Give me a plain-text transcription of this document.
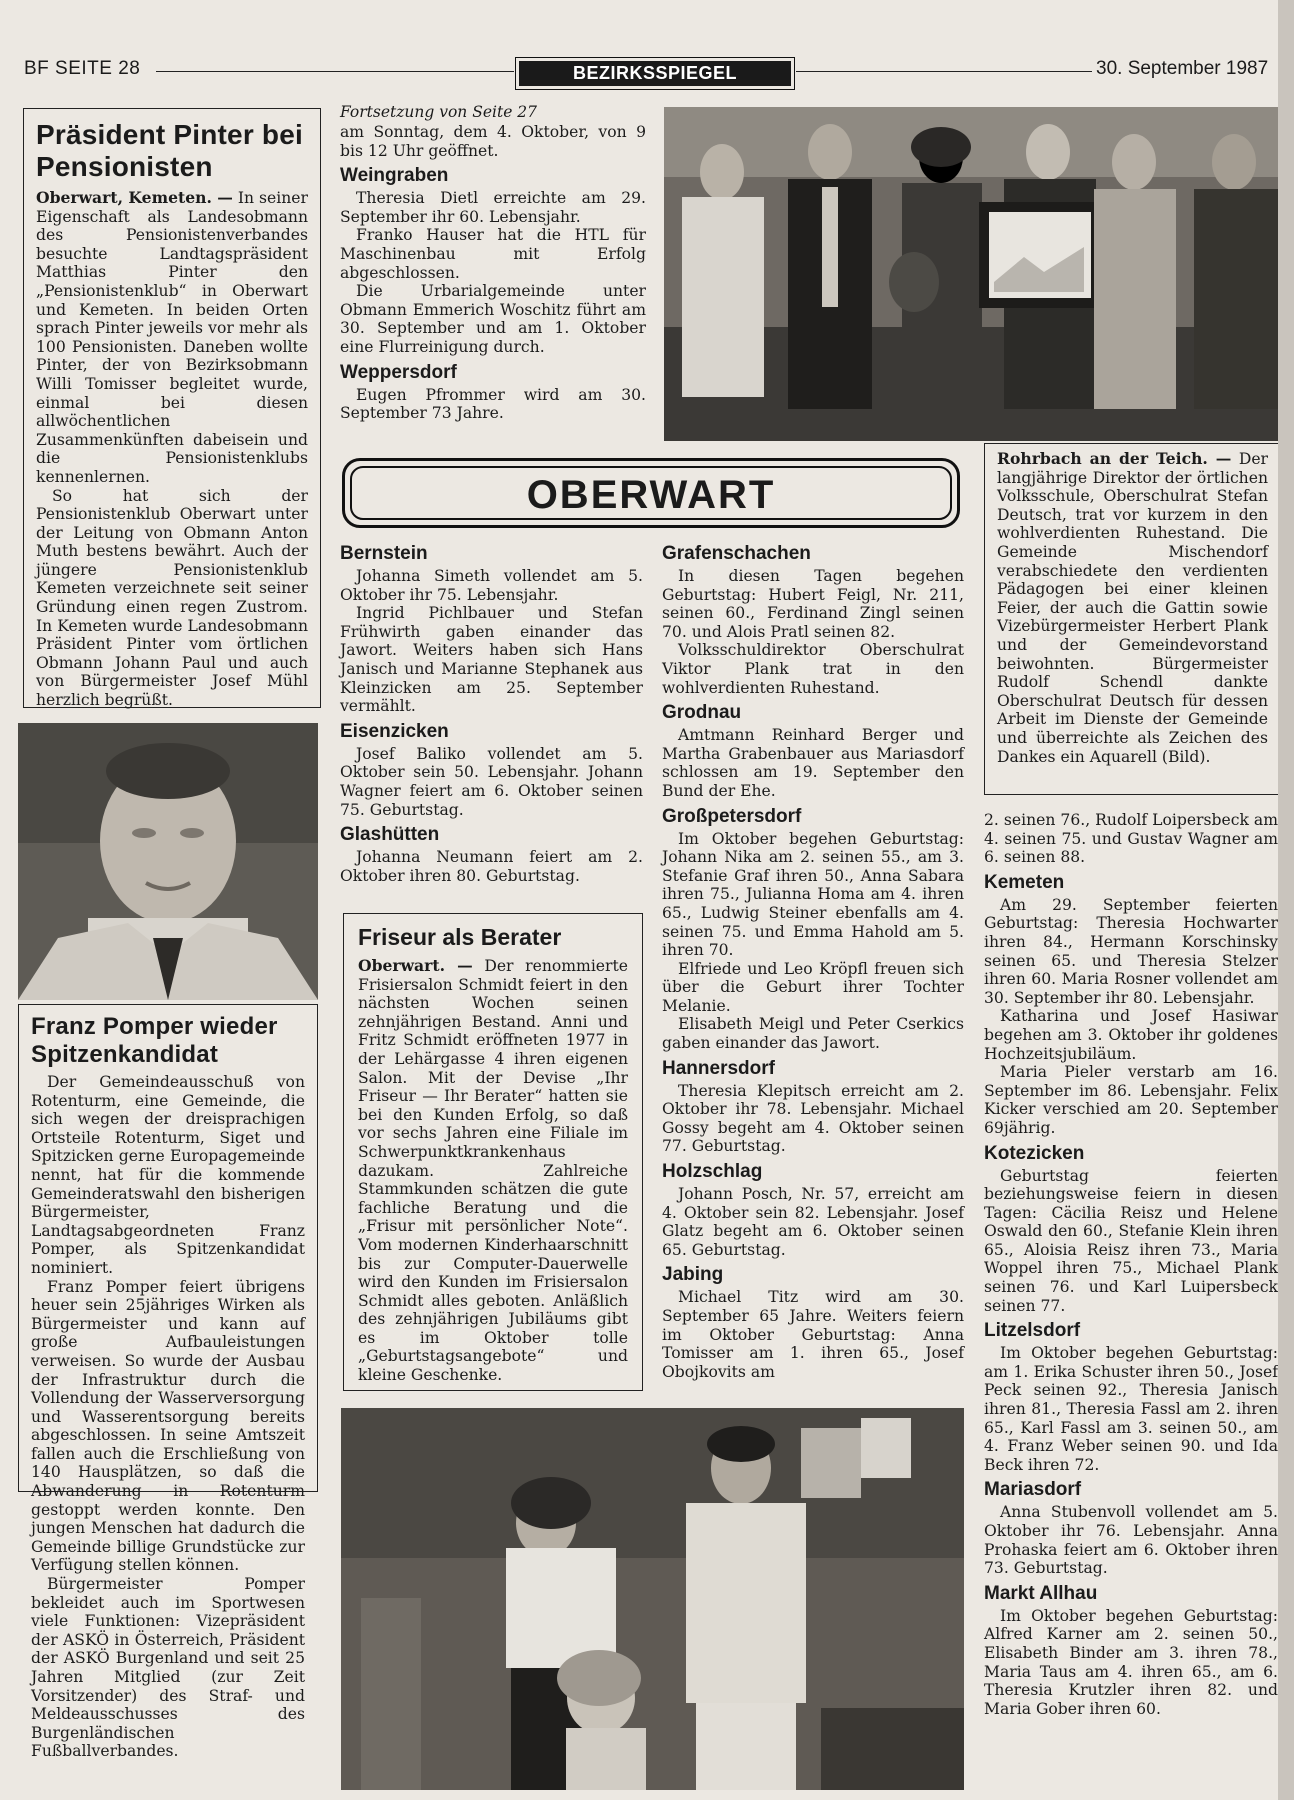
BF SEITE 28	BEZIRKSSPIEGEL	30. September 1987
Präsident Pinter bei Pensionisten

Oberwart, Kemeten. — In seiner Eigenschaft als Landesobmann des Pensionistenverbandes besuchte Landtagspräsident Matthias Pinter den „Pensionistenklub“ in Oberwart und Kemeten. In beiden Orten sprach Pinter jeweils vor mehr als 100 Pensionisten. Daneben wollte Pinter, der von Bezirksobmann Willi Tomisser begleitet wurde, einmal bei diesen allwöchentlichen Zusammenkünften dabeisein und die Pensionistenklubs kennenlernen.

So hat sich der Pensionistenklub Oberwart unter der Leitung von Obmann Anton Muth bestens bewährt. Auch der jüngere Pensionistenklub Kemeten verzeichnete seit seiner Gründung einen regen Zustrom. In Kemeten wurde Landesobmann Präsident Pinter vom örtlichen Obmann Johann Paul und auch von Bürgermeister Josef Mühl herzlich begrüßt.

Franz Pomper wieder Spitzenkandidat

Der Gemeindeausschuß von Rotenturm, eine Gemeinde, die sich wegen der dreisprachigen Ortsteile Rotenturm, Siget und Spitzicken gerne Europagemeinde nennt, hat für die kommende Gemeinderatswahl den bisherigen Bürgermeister, Landtagsabgeordneten Franz Pomper, als Spitzenkandidat nominiert.

Franz Pomper feiert übrigens heuer sein 25jähriges Wirken als Bürgermeister und kann auf große Aufbauleistungen verweisen. So wurde der Ausbau der Infrastruktur durch die Vollendung der Wasserversorgung und Wasserentsorgung bereits abgeschlossen. In seine Amtszeit fallen auch die Erschließung von 140 Hausplätzen, so daß die Abwanderung in Rotenturm gestoppt werden konnte. Den jungen Menschen hat dadurch die Gemeinde billige Grundstücke zur Verfügung stellen können.

Bürgermeister Pomper bekleidet auch im Sportwesen viele Funktionen: Vizepräsident der ASKÖ in Österreich, Präsident der ASKÖ Burgenland und seit 25 Jahren Mitglied (zur Zeit Vorsitzender) des Straf- und Meldeausschusses des Burgenländischen Fußballverbandes.

Fortsetzung von Seite 27

am Sonntag, dem 4. Oktober, von 9 bis 12 Uhr geöffnet.

Weingraben

Theresia Dietl erreichte am 29. September ihr 60. Lebensjahr.

Franko Hauser hat die HTL für Maschinenbau mit Erfolg abgeschlossen.

Die Urbarialgemeinde unter Obmann Emmerich Woschitz führt am 30. September und am 1. Oktober eine Flurreinigung durch.

Weppersdorf

Eugen Pfrommer wird am 30. September 73 Jahre.

OBERWART
Bernstein

Johanna Simeth vollendet am 5. Oktober ihr 75. Lebensjahr.

Ingrid Pichlbauer und Stefan Frühwirth gaben einander das Jawort. Weiters haben sich Hans Janisch und Marianne Stephanek aus Kleinzicken am 25. September vermählt.

Eisenzicken

Josef Baliko vollendet am 5. Oktober sein 50. Lebensjahr. Johann Wagner feiert am 6. Oktober seinen 75. Geburtstag.

Glashütten

Johanna Neumann feiert am 2. Oktober ihren 80. Geburtstag.

Friseur als Berater

Oberwart. — Der renommierte Frisiersalon Schmidt feiert in den nächsten Wochen seinen zehnjährigen Bestand. Anni und Fritz Schmidt eröffneten 1977 in der Lehärgasse 4 ihren eigenen Salon. Mit der Devise „Ihr Friseur — Ihr Berater“ hatten sie bei den Kunden Erfolg, so daß vor sechs Jahren eine Filiale im Schwerpunktkrankenhaus dazukam. Zahlreiche Stammkunden schätzen die gute fachliche Beratung und die „Frisur mit persönlicher Note“. Vom modernen Kinderhaarschnitt bis zur Computer-Dauerwelle wird den Kunden im Frisiersalon Schmidt alles geboten. Anläßlich des zehnjährigen Jubiläums gibt es im Oktober tolle „Geburtstagsangebote“ und kleine Geschenke.

Grafenschachen

In diesen Tagen begehen Geburtstag: Hubert Feigl, Nr. 211, seinen 60., Ferdinand Zingl seinen 70. und Alois Pratl seinen 82.

Volksschuldirektor Oberschulrat Viktor Plank trat in den wohlverdienten Ruhestand.

Grodnau

Amtmann Reinhard Berger und Martha Grabenbauer aus Mariasdorf schlossen am 19. September den Bund der Ehe.

Großpetersdorf

Im Oktober begehen Geburtstag: Johann Nika am 2. seinen 55., am 3. Stefanie Graf ihren 50., Anna Sabara ihren 75., Julianna Homa am 4. ihren 65., Ludwig Steiner ebenfalls am 4. seinen 75. und Emma Hahold am 5. ihren 70.

Elfriede und Leo Kröpfl freuen sich über die Geburt ihrer Tochter Melanie.

Elisabeth Meigl und Peter Cserkics gaben einander das Jawort.

Hannersdorf

Theresia Klepitsch erreicht am 2. Oktober ihr 78. Lebensjahr. Michael Gossy begeht am 4. Oktober seinen 77. Geburtstag.

Holzschlag

Johann Posch, Nr. 57, erreicht am 4. Oktober sein 82. Lebensjahr. Josef Glatz begeht am 6. Oktober seinen 65. Geburtstag.

Jabing

Michael Titz wird am 30. September 65 Jahre. Weiters feiern im Oktober Geburtstag: Anna Tomisser am 1. ihren 65., Josef Obojkovits am

Rohrbach an der Teich. — Der langjährige Direktor der örtlichen Volksschule, Oberschulrat Stefan Deutsch, trat vor kurzem in den wohlverdienten Ruhestand. Die Gemeinde Mischendorf verabschiedete den verdienten Pädagogen bei einer kleinen Feier, der auch die Gattin sowie Vizebürgermeister Herbert Plank und der Gemeindevorstand beiwohnten. Bürgermeister Rudolf Schendl dankte Oberschulrat Deutsch für dessen Arbeit im Dienste der Gemeinde und überreichte als Zeichen des Dankes ein Aquarell (Bild).

2. seinen 76., Rudolf Loipersbeck am 4. seinen 75. und Gustav Wagner am 6. seinen 88.

Kemeten

Am 29. September feierten Geburtstag: Theresia Hochwarter ihren 84., Hermann Korschinsky seinen 65. und Theresia Stelzer ihren 60. Maria Rosner vollendet am 30. September ihr 80. Lebensjahr.

Katharina und Josef Hasiwar begehen am 3. Oktober ihr goldenes Hochzeitsjubiläum.

Maria Pieler verstarb am 16. September im 86. Lebensjahr. Felix Kicker verschied am 20. September 69jährig.

Kotezicken

Geburtstag feierten beziehungsweise feiern in diesen Tagen: Cäcilia Reisz und Helene Oswald den 60., Stefanie Klein ihren 65., Aloisia Reisz ihren 73., Maria Woppel ihren 75., Michael Plank seinen 76. und Karl Luipersbeck seinen 77.

Litzelsdorf

Im Oktober begehen Geburtstag: am 1. Erika Schuster ihren 50., Josef Peck seinen 92., Theresia Janisch ihren 81., Theresia Fassl am 2. ihren 65., Karl Fassl am 3. seinen 50., am 4. Franz Weber seinen 90. und Ida Beck ihren 72.

Mariasdorf

Anna Stubenvoll vollendet am 5. Oktober ihr 76. Lebensjahr. Anna Prohaska feiert am 6. Oktober ihren 73. Geburtstag.

Markt Allhau

Im Oktober begehen Geburtstag: Alfred Karner am 2. seinen 50., Elisabeth Binder am 3. ihren 78., Maria Taus am 4. ihren 65., am 6. Theresia Krutzler ihren 82. und Maria Gober ihren 60.
